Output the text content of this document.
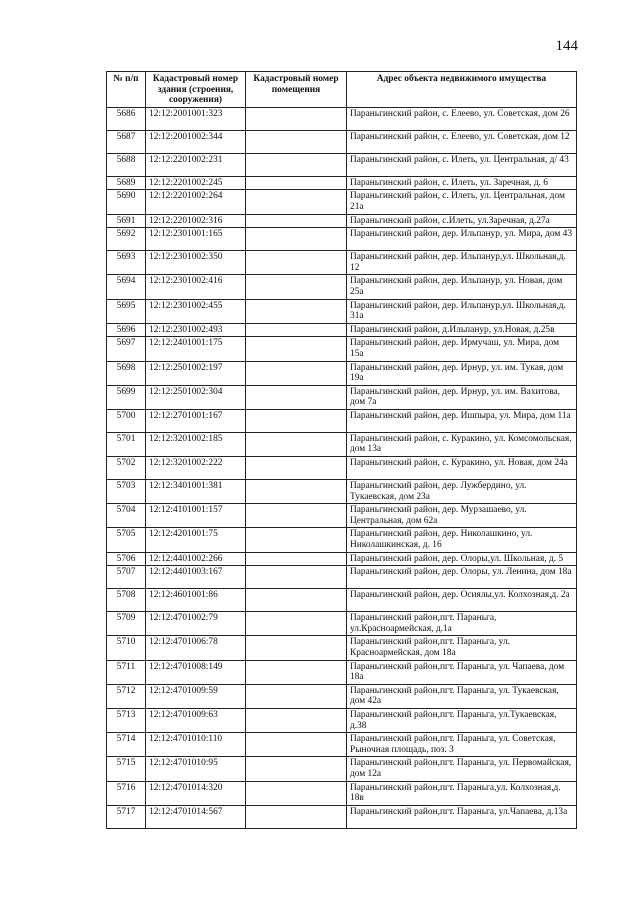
144
№ п/п	Кадастровый номер здания (строения, сооружения)	Кадастровый номер помещения	Адрес объекта недвижимого имущества
5686	12:12:2001001:323		Параньгинский район, с. Елеево, ул. Советская, дом 26
5687	12:12:2001002:344		Параньгинский район, с. Елеево, ул. Советская, дом 12
5688	12:12:2201002:231		Параньгинский район, с. Илеть, ул. Центральная, д/ 43
5689	12:12:2201002:245		Параньгинский район, с. Илеть, ул. Заречная, д. 6
5690	12:12:2201002:264		Параньгинский район, с. Илеть, ул. Центральная, дом 21а
5691	12:12:2201002:316		Параньгинский район, с.Илеть, ул.Заречная, д.27а
5692	12:12:2301001:165		Параньгинский район, дер. Ильпанур, ул. Мира, дом 43
5693	12:12:2301002:350		Параньгинский район, дер. Ильпанур,ул. Школьная,д. 12
5694	12:12:2301002:416		Параньгинский район, дер. Ильпанур, ул. Новая, дом 25а
5695	12:12:2301002:455		Параньгинский район, дер. Ильпанур,ул. Школьная,д. 31а
5696	12:12:2301002:493		Параньгинский район, д.Ильпанур, ул.Новая, д.25в
5697	12:12:2401001:175		Параньгинский район, дер. Ирмучаш, ул. Мира, дом 15а
5698	12:12:2501002:197		Параньгинский район, дер. Ирнур, ул. им. Тукая, дом 19а
5699	12:12:2501002:304		Параньгинский район, дер. Ирнур, ул. им. Вахитова, дом 7а
5700	12:12:2701001:167		Параньгинский район, дер. Ишпыра, ул. Мира, дом 11а
5701	12:12:3201002:185		Параньгинский район, с. Куракино, ул. Комсомольская, дом 13а
5702	12:12:3201002:222		Параньгинский район, с. Куракино, ул. Новая, дом 24а
5703	12:12:3401001:381		Параньгинский район, дер. Лужбердино, ул. Тукаевская, дом 23а
5704	12:12:4101001:157		Параньгинский район, дер. Мурзашаево, ул. Центральная, дом 62а
5705	12:12:4201001:75		Параньгинский район, дер. Николашкино, ул. Николашкинская, д. 16
5706	12:12:4401002:266		Параньгинский район, дер. Олоры,ул. Школьная, д. 5
5707	12:12:4401003:167		Параньгинский район, дер. Олоры, ул. Ленина, дом 18а
5708	12:12:4601001:86		Параньгинский район, дер. Осиялы,ул. Колхозная,д. 2а
5709	12:12:4701002:79		Параньгинский район,пгт. Параньга, ул.Красноармейская, д.1а
5710	12:12:4701006:78		Параньгинский район,пгт. Параньга, ул. Красноармейская, дом 18а
5711	12:12:4701008:149		Параньгинский район,пгт. Параньга, ул. Чапаева, дом 18а
5712	12:12:4701009:59		Параньгинский район,пгт. Параньга, ул. Тукаевская, дом 42а
5713	12:12:4701009:63		Параньгинский район,пгт. Параньга, ул.Тукаевская, д.38
5714	12:12:4701010:110		Параньгинский район,пгт. Параньга, ул. Советская, Рыночная площадь, поз. 3
5715	12:12:4701010:95		Параньгинский район,пгт. Параньга, ул. Первомайская, дом 12а
5716	12:12:4701014:320		Параньгинский район,пгт. Параньга,ул. Колхозная,д. 18в
5717	12:12:4701014:567		Параньгинский район,пгт. Параньга, ул.Чапаева, д.13а
